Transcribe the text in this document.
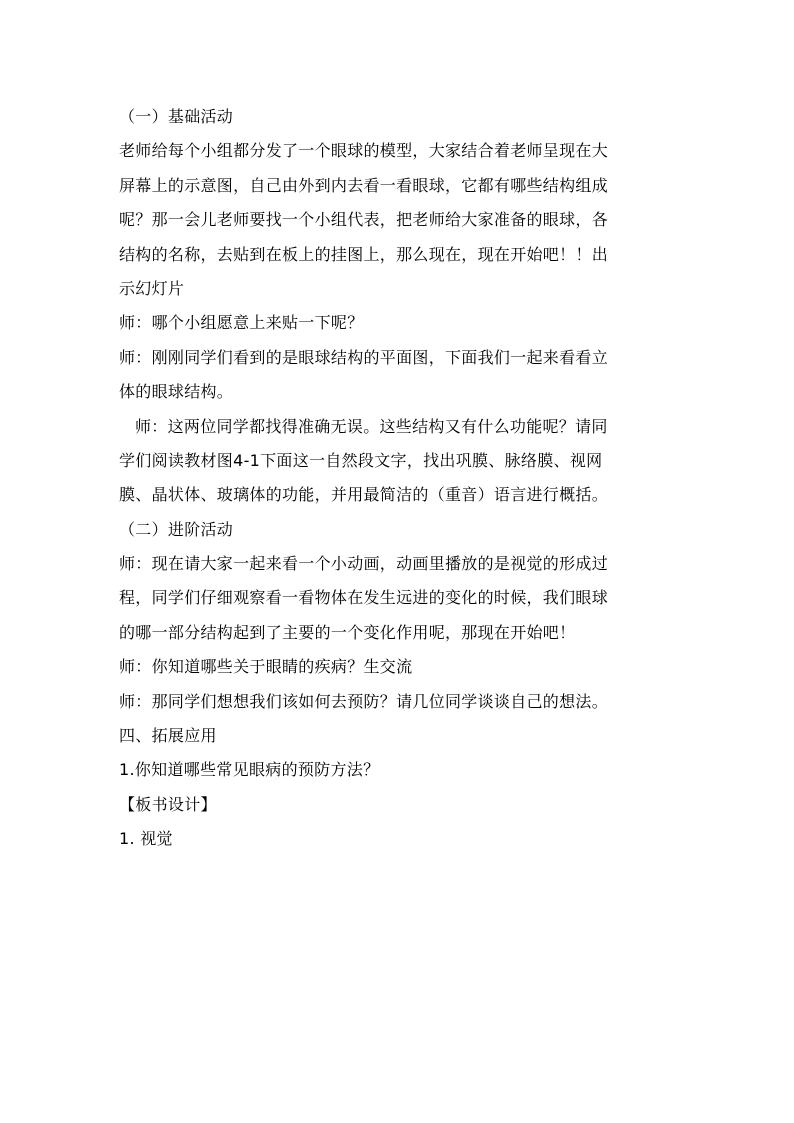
（一）基础活动
老师给每个小组都分发了一个眼球的模型，大家结合着老师呈现在大
屏幕上的示意图，自己由外到内去看一看眼球，它都有哪些结构组成
呢？那一会儿老师要找一个小组代表，把老师给大家准备的眼球，各
结构的名称，去贴到在板上的挂图上，那么现在，现在开始吧！！出
示幻灯片
师：哪个小组愿意上来贴一下呢？
师：刚刚同学们看到的是眼球结构的平面图，下面我们一起来看看立
体的眼球结构。
师：这两位同学都找得准确无误。这些结构又有什么功能呢？请同
学们阅读教材图4-1下面这一自然段文字，找出巩膜、脉络膜、视网
膜、晶状体、玻璃体的功能，并用最简洁的（重音）语言进行概括。
（二）进阶活动
师：现在请大家一起来看一个小动画，动画里播放的是视觉的形成过
程，同学们仔细观察看一看物体在发生远进的变化的时候，我们眼球
的哪一部分结构起到了主要的一个变化作用呢，那现在开始吧！
师：你知道哪些关于眼睛的疾病？生交流
师：那同学们想想我们该如何去预防？请几位同学谈谈自己的想法。
四、拓展应用
1.你知道哪些常见眼病的预防方法？
【板书设计】
1. 视觉
